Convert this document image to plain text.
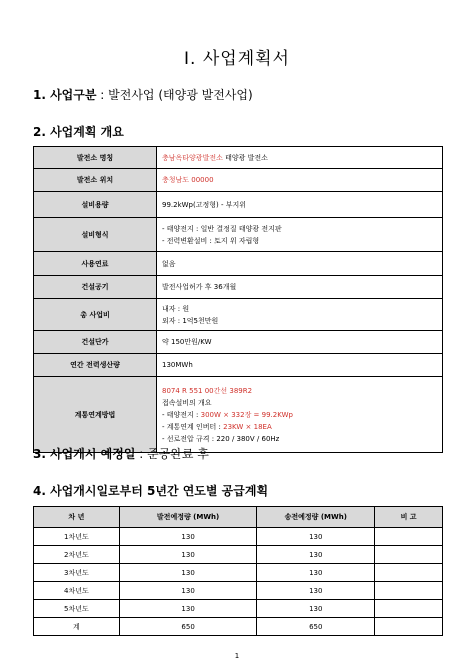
Ⅰ. 사업계획서
1. 사업구분 : 발전사업 (태양광 발전사업)
2. 사업계획 개요
발전소 명칭	충남옥타양광발전소 태양광 발전소
발전소 위치	충청남도 00000
설비용량	99.2kWp(고정형) - 부지위
설비형식	- 태양전지 : 일반 결정질 태양광 전지판
- 전력변환설비 : 토지 위 자립형

사용연료	없음
건설공기	발전사업허가 후 36개월
총 사업비	내자 : 원
외자 : 1억5천만원

건설단가	약 150만원/KW
연간 전력생산량	130MWh
계통연계방법	8074 R 551 00간선 389R2
접속설비의 개요
- 태양전지 : 300W × 332장 = 99.2KWp
- 계통연계 인버터 : 23KW × 18EA
- 선로전압 규격 : 220 / 380V / 60Hz
3. 사업개시 예정일 : 준공완료 후
4. 사업개시일로부터 5년간 연도별 공급계획
차 년	발전예정량 (MWh)	송전예정량 (MWh)	비 고
1차년도	130	130	
2차년도	130	130	
3차년도	130	130	
4차년도	130	130	
5차년도	130	130	
계	650	650	
1
